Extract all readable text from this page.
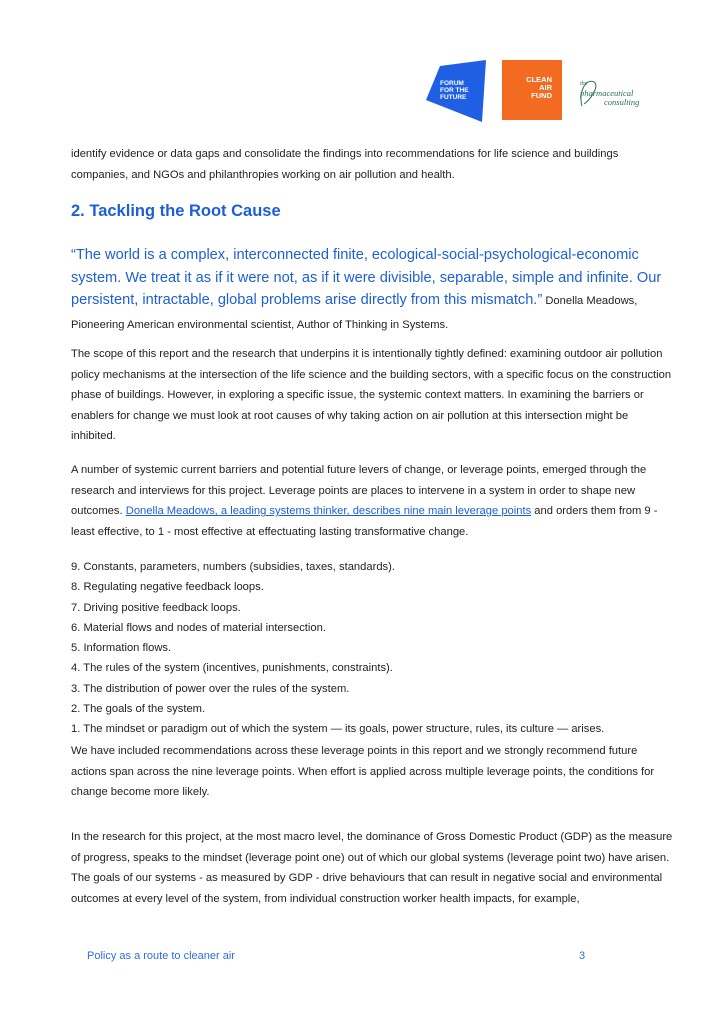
FORUM
FOR THE
FUTURE
CLEAN
AIR
FUND
the
pharmaceutical
consulting

identify evidence or data gaps and consolidate the findings into recommendations for life science and buildings companies, and NGOs and philanthropies working on air pollution and health.

2. Tackling the Root Cause

“The world is a complex, interconnected finite, ecological-social-psychological-economic system. We treat it as if it were not, as if it were divisible, separable, simple and infinite. Our persistent, intractable, global problems arise directly from this mismatch.” Donella Meadows, Pioneering American environmental scientist, Author of Thinking in Systems.

The scope of this report and the research that underpins it is intentionally tightly defined: examining outdoor air pollution policy mechanisms at the intersection of the life science and the building sectors, with a specific focus on the construction phase of buildings. However, in exploring a specific issue, the systemic context matters. In examining the barriers or enablers for change we must look at root causes of why taking action on air pollution at this intersection might be inhibited.

A number of systemic current barriers and potential future levers of change, or leverage points, emerged through the research and interviews for this project. Leverage points are places to intervene in a system in order to shape new outcomes. Donella Meadows, a leading systems thinker, describes nine main leverage points and orders them from 9 - least effective, to 1 - most effective at effectuating lasting transformative change.

9. Constants, parameters, numbers (subsidies, taxes, standards).
8. Regulating negative feedback loops.
7. Driving positive feedback loops.
6. Material flows and nodes of material intersection.
5. Information flows.
4. The rules of the system (incentives, punishments, constraints).
3. The distribution of power over the rules of the system.
2. The goals of the system.
1. The mindset or paradigm out of which the system — its goals, power structure, rules, its culture — arises.

We have included recommendations across these leverage points in this report and we strongly recommend future actions span across the nine leverage points. When effort is applied across multiple leverage points, the conditions for change become more likely.

In the research for this project, at the most macro level, the dominance of Gross Domestic Product (GDP) as the measure of progress, speaks to the mindset (leverage point one) out of which our global systems (leverage point two) have arisen. The goals of our systems - as measured by GDP - drive behaviours that can result in negative social and environmental outcomes at every level of the system, from individual construction worker health impacts, for example,

Policy as a route to cleaner air	3
